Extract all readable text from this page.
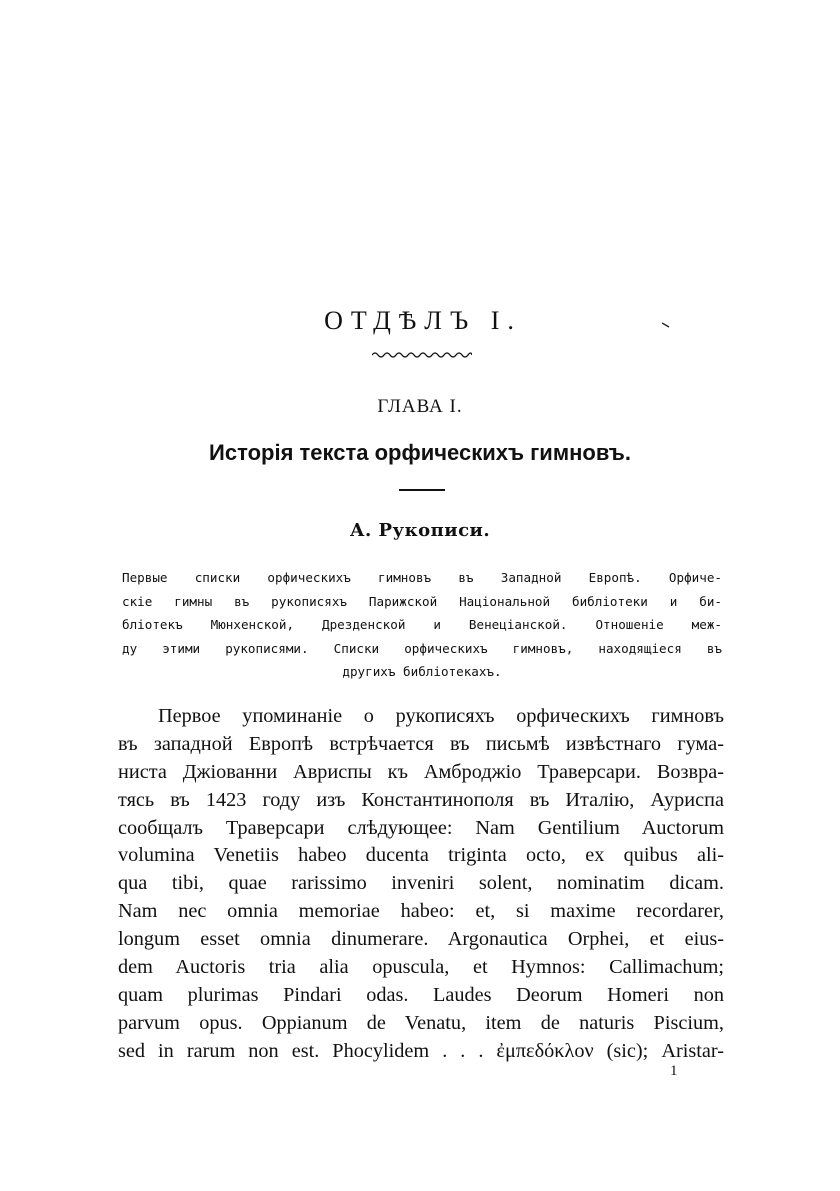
ОТДѢЛЪ I.
ГЛАВА I.
Исторія текста орфическихъ гимновъ.
А. Рукописи.
Первые списки орфическихъ гимновъ въ Западной Европѣ. Орфиче-
скіе гимны въ рукописяхъ Парижской Національной библіотеки и би-
бліотекъ Мюнхенской, Дрезденской и Венеціанской. Отношеніе меж-
ду этими рукописями. Списки орфическихъ гимновъ, находящіеся въ
другихъ библіотекахъ.
Первое упоминаніе о рукописяхъ орфическихъ гимновъ
въ западной Европѣ встрѣчается въ письмѣ извѣстнаго гума-
ниста Джіованни Авриспы къ Амброджіо Траверсари. Возвра-
тясь въ 1423 году изъ Константинополя въ Италію, Ауриспа
сообщалъ Траверсари слѣдующее: Nam Gentilium Auctorum
volumina Venetiis habeo ducenta triginta octo, ex quibus ali-
qua tibi, quae rarissimo inveniri solent, nominatim dicam.
Nam nec omnia memoriae habeo: et, si maxime recordarer,
longum esset omnia dinumerare. Argonautica Orphei, et eius-
dem Auctoris tria alia opuscula, et Hymnos: Callimachum;
quam plurimas Pindari odas. Laudes Deorum Homeri non
parvum opus. Oppianum de Venatu, item de naturis Piscium,
sed in rarum non est. Phocylidem . . . ἐμπεδόκλον (sic); Aristar-
1
